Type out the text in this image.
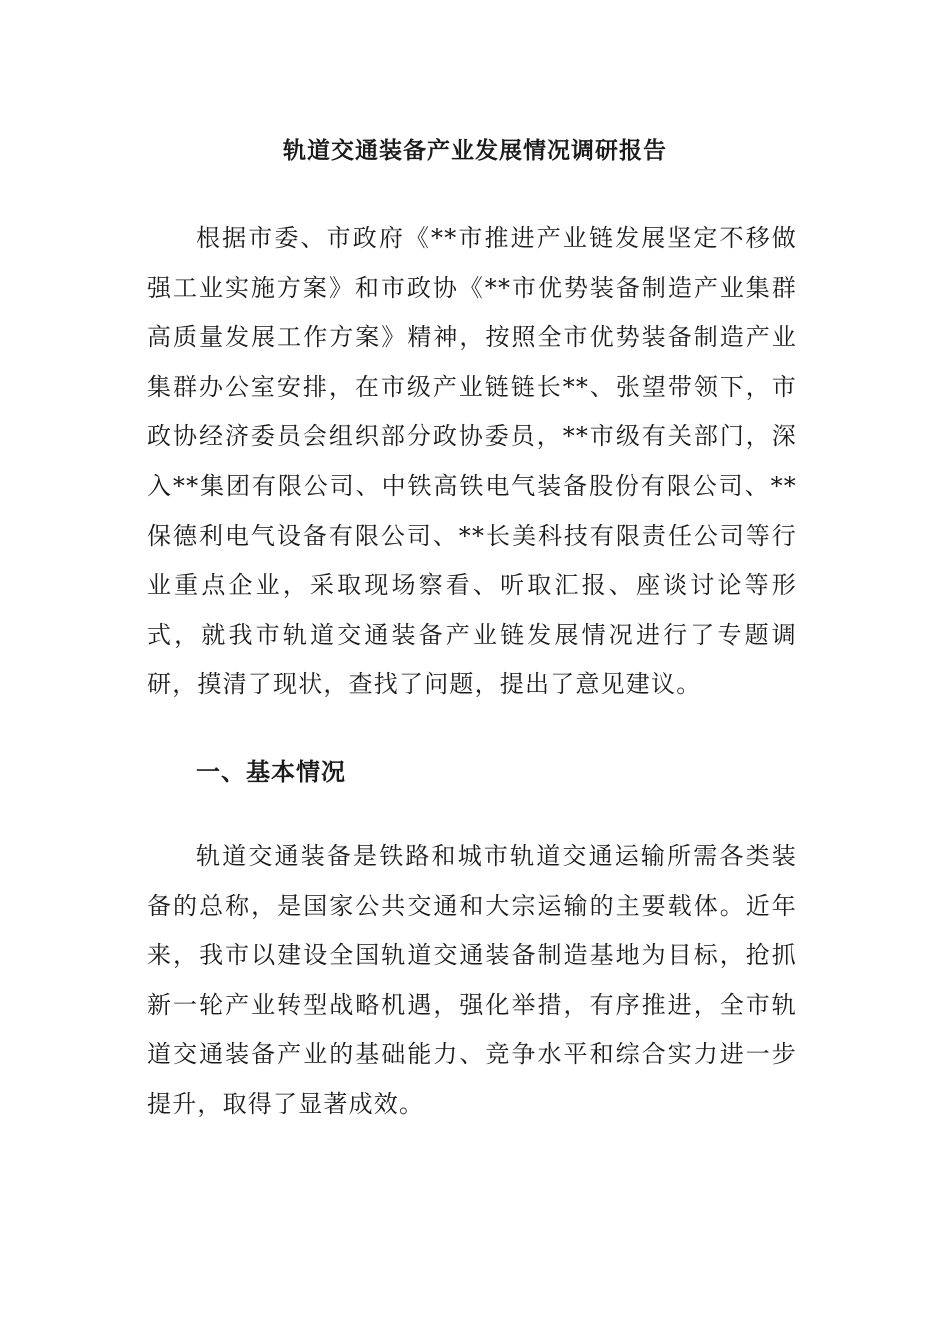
轨道交通装备产业发展情况调研报告

根据市委、市政府《**市推进产业链发展坚定不移做强工业实施方案》和市政协《**市优势装备制造产业集群高质量发展工作方案》精神，按照全市优势装备制造产业集群办公室安排，在市级产业链链长**、张望带领下，市政协经济委员会组织部分政协委员，**市级有关部门，深入**集团有限公司、中铁高铁电气装备股份有限公司、**保德利电气设备有限公司、**长美科技有限责任公司等行业重点企业，采取现场察看、听取汇报、座谈讨论等形式，就我市轨道交通装备产业链发展情况进行了专题调研，摸清了现状，查找了问题，提出了意见建议。

一、基本情况

轨道交通装备是铁路和城市轨道交通运输所需各类装备的总称，是国家公共交通和大宗运输的主要载体。近年来，我市以建设全国轨道交通装备制造基地为目标，抢抓新一轮产业转型战略机遇，强化举措，有序推进，全市轨道交通装备产业的基础能力、竞争水平和综合实力进一步提升，取得了显著成效。
